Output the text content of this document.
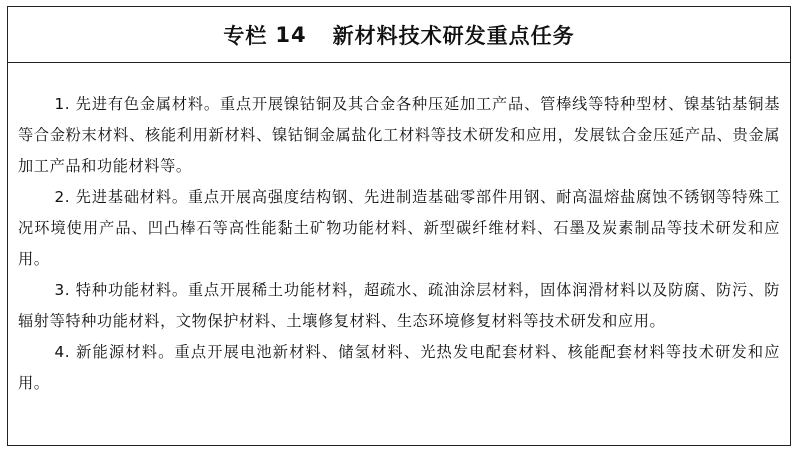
专栏 14 新材料技术研发重点任务

1. 先进有色金属材料。重点开展镍钴铜及其合金各种压延加工产品、管棒线等特种型材、镍基钴基铜基等合金粉末材料、核能利用新材料、镍钴铜金属盐化工材料等技术研发和应用，发展钛合金压延产品、贵金属加工产品和功能材料等。

2. 先进基础材料。重点开展高强度结构钢、先进制造基础零部件用钢、耐高温熔盐腐蚀不锈钢等特殊工况环境使用产品、凹凸棒石等高性能黏土矿物功能材料、新型碳纤维材料、石墨及炭素制品等技术研发和应用。

3. 特种功能材料。重点开展稀土功能材料，超疏水、疏油涂层材料，固体润滑材料以及防腐、防污、防辐射等特种功能材料，文物保护材料、土壤修复材料、生态环境修复材料等技术研发和应用。

4. 新能源材料。重点开展电池新材料、储氢材料、光热发电配套材料、核能配套材料等技术研发和应用。
